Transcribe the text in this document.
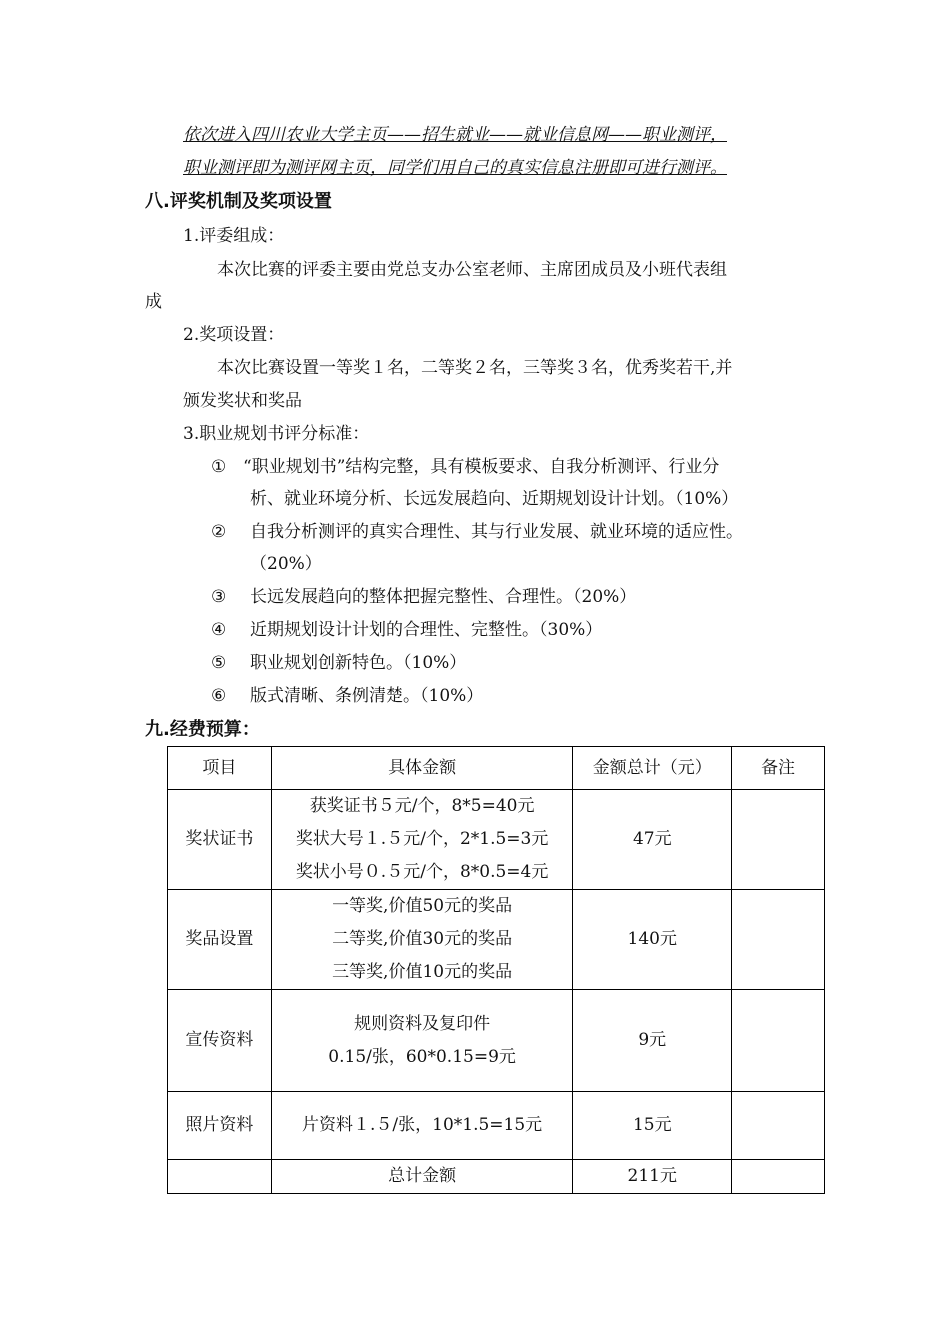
依次进入四川农业大学主页——招生就业——就业信息网——职业测评，
职业测评即为测评网主页，同学们用自己的真实信息注册即可进行测评。
八.评奖机制及奖项设置
1.评委组成：
本次比赛的评委主要由党总支办公室老师、主席团成员及小班代表组
成
2.奖项设置：
本次比赛设置一等奖１名，二等奖２名，三等奖３名，优秀奖若干,并
颁发奖状和奖品
3.职业规划书评分标准：
① “职业规划书”结构完整，具有模板要求、自我分析测评、行业分
析、就业环境分析、长远发展趋向、近期规划设计计划。（10%）
② 自我分析测评的真实合理性、其与行业发展、就业环境的适应性。
（20%）
③ 长远发展趋向的整体把握完整性、合理性。（20%）
④ 近期规划设计计划的合理性、完整性。（30%）
⑤ 职业规划创新特色。（10%）
⑥ 版式清晰、条例清楚。（10%）
九.经费预算：
项目	具体金额	金额总计（元）	备注
奖状证书	获奖证书５元/个，8*5=40元
奖状大号１.５元/个，2*1.5=3元
奖状小号０.５元/个，8*0.5=4元	47元	
奖品设置	一等奖,价值50元的奖品
二等奖,价值30元的奖品
三等奖,价值10元的奖品	140元	
宣传资料	规则资料及复印件
0.15/张，60*0.15=9元	9元	
照片资料	片资料１.５/张，10*1.5=15元	15元	
	总计金额	211元	
